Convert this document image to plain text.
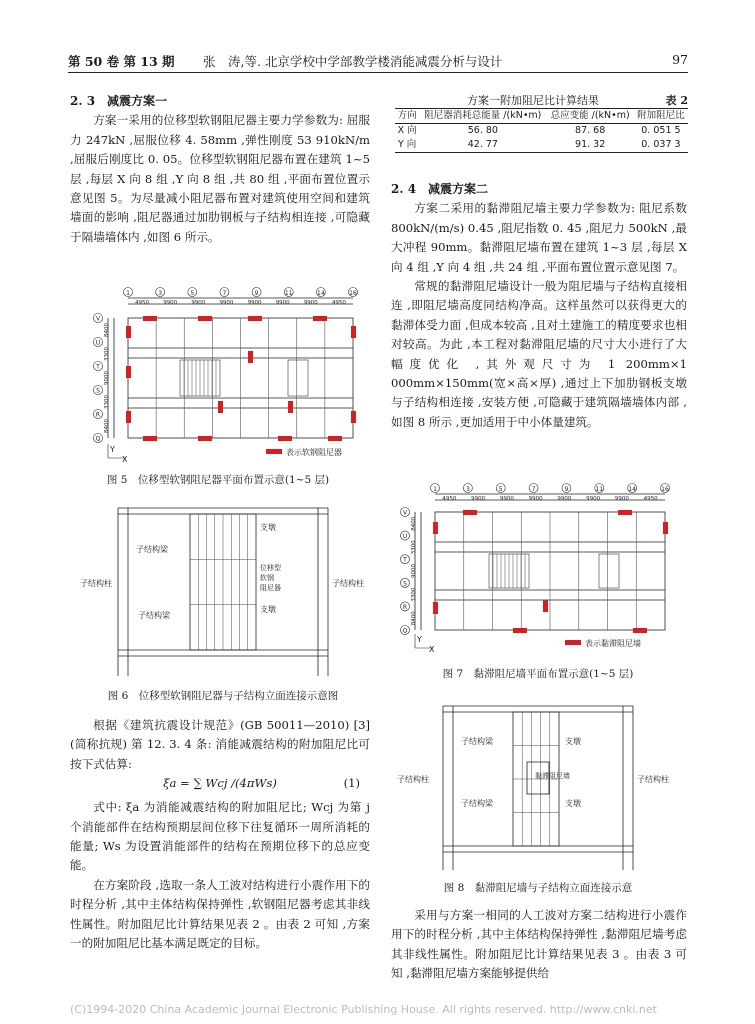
第 50 卷 第 13 期 张　涛,等. 北京学校中学部教学楼消能减震分析与设计	97

2. 3　减震方案一

方案一采用的位移型软钢阻尼器主要力学参数为: 屈服力 247kN ,屈服位移 4. 58mm ,弹性刚度 53 910kN/m ,屈服后刚度比 0. 05。位移型软钢阻尼器布置在建筑 1~5 层 ,每层 X 向 8 组 ,Y 向 8 组 ,共 80 组 ,平面布置位置示意见图 5。为尽量减小阻尼器布置对建筑使用空间和建筑墙面的影响 ,阻尼器通过加肋钢板与子结构相连接 ,可隐藏于隔墙墙体内 ,如图 6 所示。

1	3	5	7	9	11	14	16
4950	9900	9900	9900	9900	9900	9900	4950
V
U
T
S
R
Q
8400
3300
9000
3300
8400
Y
X
表示软钢阻尼器
图 5　位移型软钢阻尼器平面布置示意(1~5 层)
子结构梁
子结构梁
支墩
支墩
子结构柱	子结构柱
位移型
软钢
阻尼器
图 6　位移型软钢阻尼器与子结构立面连接示意图

根据《建筑抗震设计规范》(GB 50011—2010) [3](简称抗规) 第 12. 3. 4 条: 消能减震结构的附加阻尼比可按下式估算:

ξa = ∑ Wcj /(4πWs)	(1)

式中: ξa 为消能减震结构的附加阻尼比; Wcj 为第 j 个消能部件在结构预期层间位移下往复循环一周所消耗的能量; Ws 为设置消能部件的结构在预期位移下的总应变能。

在方案阶段 ,选取一条人工波对结构进行小震作用下的时程分析 ,其中主体结构保持弹性 ,软钢阻尼器考虑其非线性属性。附加阻尼比计算结果见表 2 。由表 2 可知 ,方案一的附加阻尼比基本满足既定的目标。

方案一附加阻尼比计算结果	表 2
方向	阻尼器消耗总能量 /(kN•m)	总应变能 /(kN•m)	附加阻尼比
X 向	56. 80	87. 68	0. 051 5
Y 向	42. 77	91. 32	0. 037 3

2. 4　减震方案二

方案二采用的黏滞阻尼墙主要力学参数为: 阻尼系数 800kN/(m/s) 0.45 ,阻尼指数 0. 45 ,阻尼力 500kN ,最大冲程 90mm。黏滞阻尼墙布置在建筑 1~3 层 ,每层 X 向 4 组 ,Y 向 4 组 ,共 24 组 ,平面布置位置示意见图 7。

常规的黏滞阻尼墙设计一般为阻尼墙与子结构直接相连 ,即阻尼墙高度同结构净高。这样虽然可以获得更大的黏滞体受力面 ,但成本较高 ,且对土建施工的精度要求也相对较高。为此 ,本工程对黏滞阻尼墙的尺寸大小进行了大幅度优化 ,其外观尺寸为 1 200mm×1 000mm×150mm(宽×高×厚) ,通过上下加肋钢板支墩与子结构相连接 ,安装方便 ,可隐藏于建筑隔墙墙体内部 ,如图 8 所示 ,更加适用于中小体量建筑。

1	3	5	7	9	11	14	16
4950	9900	9900	9900	9900	9900	9900	4950
V
U
T
S
R
Q
8400
3300
9000
3300
8400
Y
X
表示黏滞阻尼墙
图 7　黏滞阻尼墙平面布置示意(1~5 层)
子结构梁
子结构梁
支墩
支墩
黏滞阻尼墙
子结构柱	子结构柱
图 8　黏滞阻尼墙与子结构立面连接示意

采用与方案一相同的人工波对方案二结构进行小震作用下的时程分析 ,其中主体结构保持弹性 ,黏滞阻尼墙考虑其非线性属性。附加阻尼比计算结果见表 3 。由表 3 可知 ,黏滞阻尼墙方案能够提供给

(C)1994-2020 China Academic Journal Electronic Publishing House. All rights reserved. http://www.cnki.net
